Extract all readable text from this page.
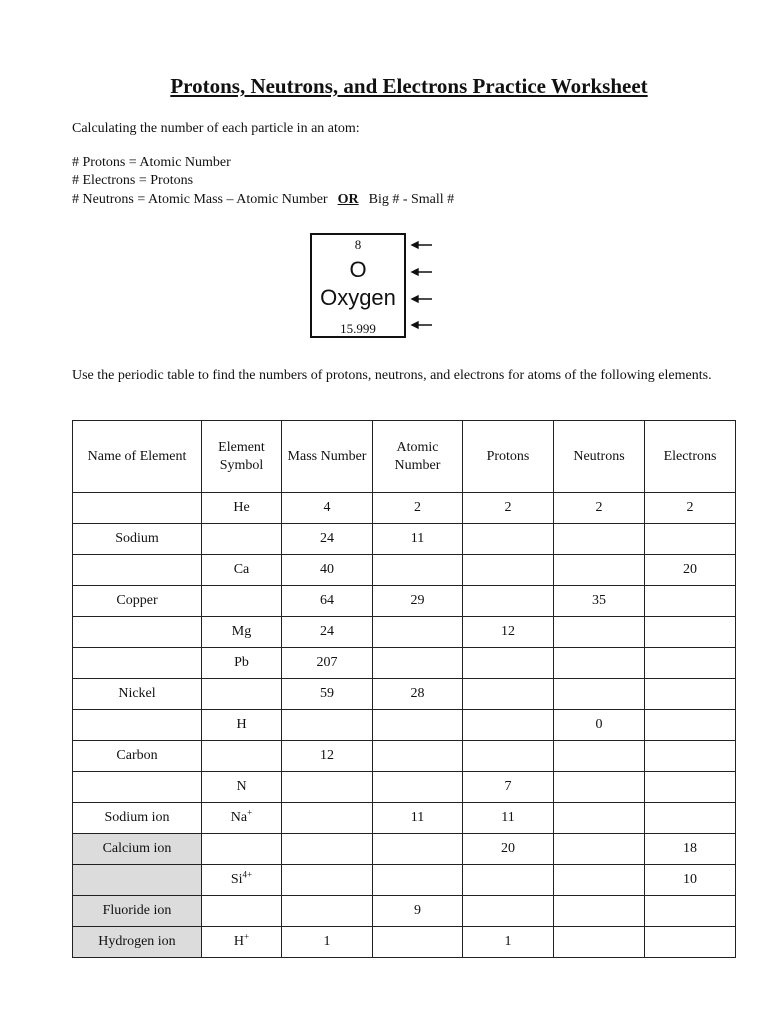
Protons, Neutrons, and Electrons Practice Worksheet
Calculating the number of each particle in an atom:
# Protons = Atomic Number
# Electrons = Protons
# Neutrons = Atomic Mass – Atomic Number OR Big # - Small #
8
O
Oxygen
15.999
Use the periodic table to find the numbers of protons, neutrons, and electrons for atoms of the following elements.
Name of Element	Element Symbol	Mass Number	Atomic Number	Protons	Neutrons	Electrons
	He	4	2	2	2	2
Sodium		24	11			
	Ca	40				20
Copper		64	29		35	
	Mg	24		12		
	Pb	207				
Nickel		59	28			
	H				0	
Carbon		12				
	N			7		
Sodium ion	Na+		11	11		
Calcium ion				20		18
	$Si^{4+}$					10
Fluoride ion			9			
Hydrogen ion	H+	1		1		
